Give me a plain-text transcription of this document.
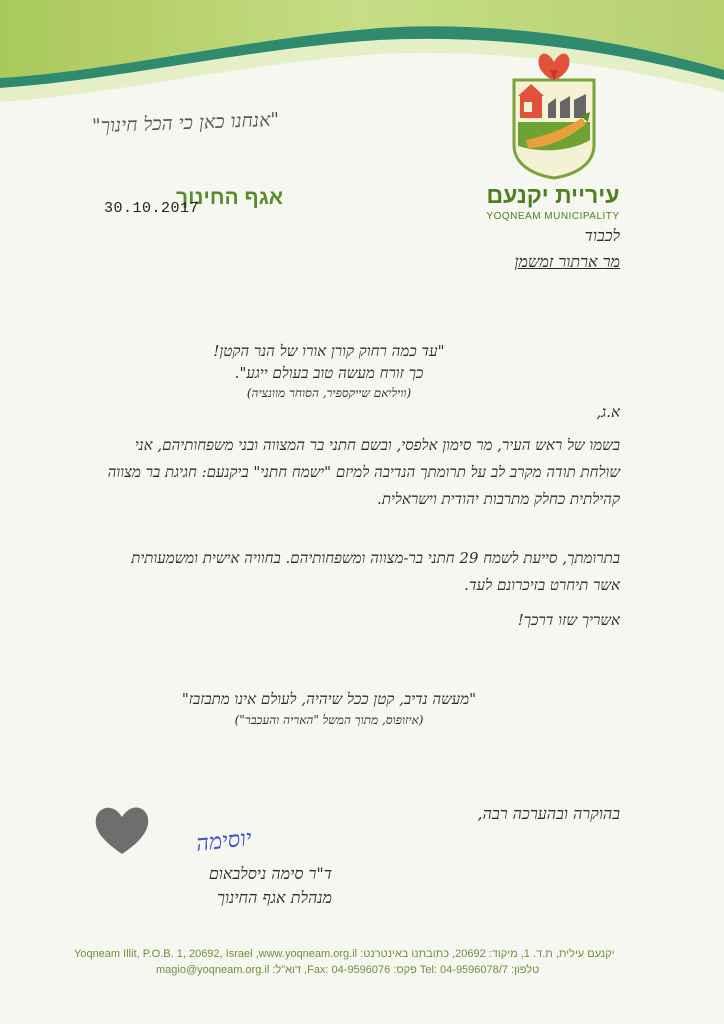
"אנחנו כאן כי הכל חינוך"
אגף החינוך
30.10.2017
עיריית יקנעם
YOQNEAM MUNICIPALITY
לכבוד
מר ארתור זמשמן
"עד כמה רחוק קורן אורו של הנר הקטן!
כך זורח מעשה טוב בעולם ייגע".
(וויליאם שייקספיר, הסוחר מוונציה)
א.ג,
בשמו של ראש העיר, מר סימון אלפסי, ובשם חתני בר המצווה ובני משפחותיהם, אני שולחת תודה מקרב לב על תרומתך הנדיבה למיזם "ישמח חתני" ביקנעם: חגיגת בר מצווה קהילתית כחלק מתרבות יהודית וישראלית.
בתרומתך, סייעת לשמח 29 חתני בר-מצווה ומשפחותיהם. בחוויה אישית ומשמעותית אשר תיחרט בזיכרונם לעד.
אשריך שזו דרכך!
"מעשה נדיב, קטן ככל שיהיה, לעולם אינו מתבזבז"
(איזופוס, מתוך המשל "האריה והעכבר")
בהוקרה ובהערכה רבה,
יוסימה
ד"ר סימה ניסלבאום
מנהלת אגף החינוך
Yoqneam Illit, P.O.B. 1, 20692, Israel ,www.yoqneam.org.il :יקנעם עילית, ת.ד. 1, מיקוד: 20692, כתובתנו באינטרנט
magio@yoqneam.org.il :דוא"ל ,Fax: 04-9596076 :פקס Tel: 04-9596078/7 :טלפון
